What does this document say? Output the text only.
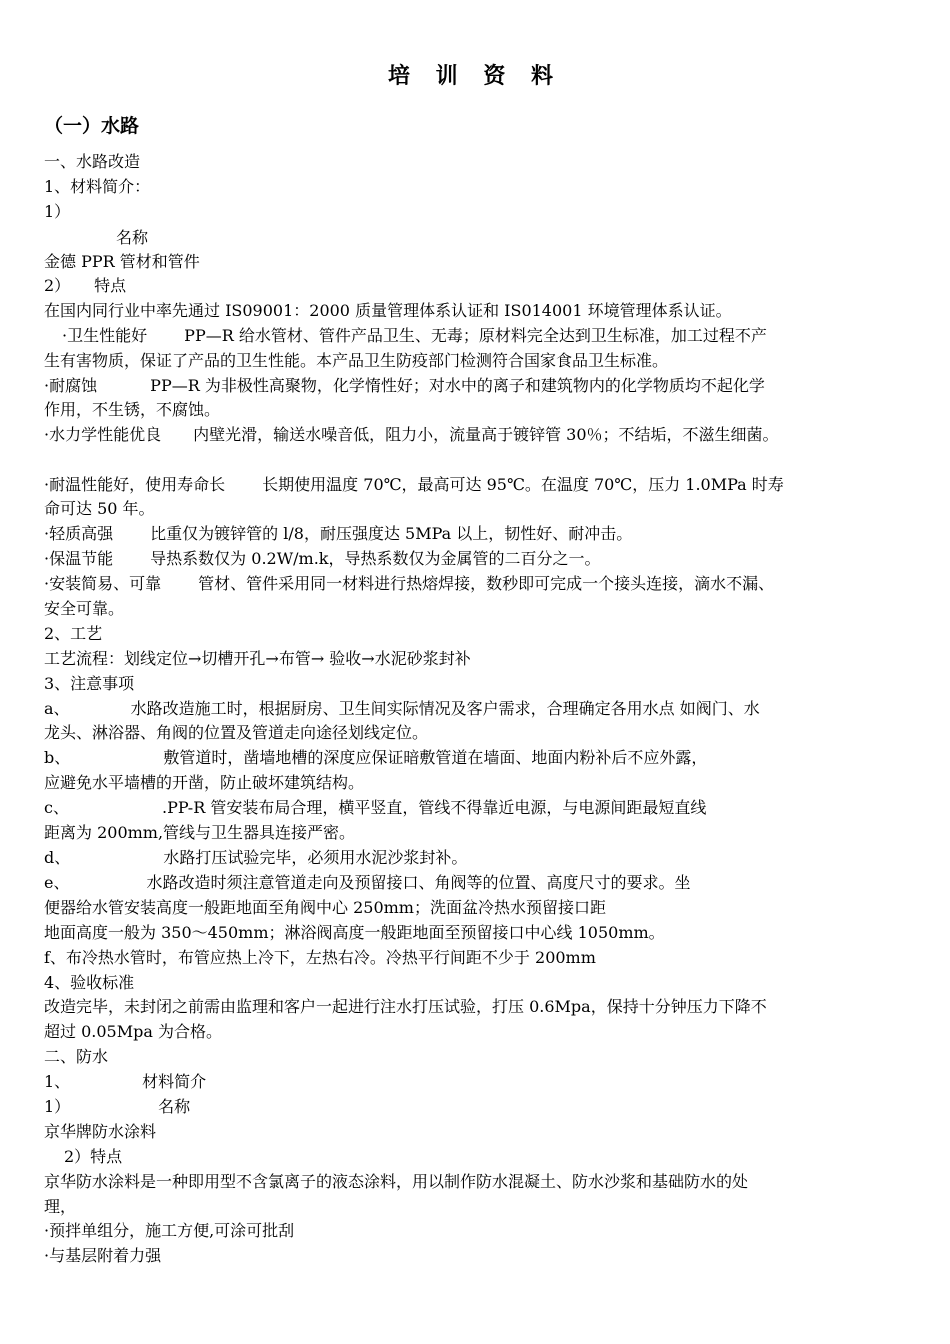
培 训 资 料
（一）水路
一、水路改造
1、材料简介：
1）
名称
金德 PPR 管材和管件
2）　　特点
在国内同行业中率先通过 IS09001：2000 质量管理体系认证和 IS014001 环境管理体系认证。
·卫生性能好　　 PP—R 给水管材、管件产品卫生、无毒；原材料完全达到卫生标准，加工过程不产
生有害物质，保证了产品的卫生性能。本产品卫生防疫部门检测符合国家食品卫生标准。
·耐腐蚀　　　 PP—R 为非极性高聚物，化学惰性好；对水中的离子和建筑物内的化学物质均不起化学
作用，不生锈，不腐蚀。
·水力学性能优良　　内壁光滑，输送水噪音低，阻力小，流量高于镀锌管 30％；不结垢，不滋生细菌。
·耐温性能好，使用寿命长　　 长期使用温度 70℃，最高可达 95℃。在温度 70℃，压力 1.0MPa 时寿
命可达 50 年。
·轻质高强　　 比重仅为镀锌管的 l/8，耐压强度达 5MPa 以上，韧性好、耐冲击。
·保温节能　　 导热系数仅为 0.2W/m.k，导热系数仅为金属管的二百分之一。
·安装简易、可靠　　 管材、管件采用同一材料进行热熔焊接，数秒即可完成一个接头连接，滴水不漏、
安全可靠。
2、工艺
工艺流程：划线定位→切槽开孔→布管→ 验收→水泥砂浆封补
3、注意事项
a、　　　　 水路改造施工时，根据厨房、卫生间实际情况及客户需求，合理确定各用水点 如阀门、水
龙头、淋浴器、角阀的位置及管道走向途径划线定位。
b、　　　　　　 敷管道时，凿墙地槽的深度应保证暗敷管道在墙面、地面内粉补后不应外露，
应避免水平墙槽的开凿，防止破坏建筑结构。
c、　　　　　　 .PP-R 管安装布局合理，横平竖直，管线不得靠近电源，与电源间距最短直线
距离为 200mm,管线与卫生器具连接严密。
d、　　　　　　 水路打压试验完毕，必须用水泥沙浆封补。
e、　　　　　 水路改造时须注意管道走向及预留接口、角阀等的位置、高度尺寸的要求。坐
便器给水管安装高度一般距地面至角阀中心 250mm；洗面盆冷热水预留接口距
地面高度一般为 350～450mm；淋浴阀高度一般距地面至预留接口中心线 1050mm。
f、布冷热水管时，布管应热上冷下，左热右冷。冷热平行间距不少于 200mm
4、验收标准
改造完毕，未封闭之前需由监理和客户一起进行注水打压试验，打压 0.6Mpa，保持十分钟压力下降不
超过 0.05Mpa 为合格。
二、防水
1、　　　　　材料简介
1）　　　　　　名称
京华牌防水涂料
2）特点
京华防水涂料是一种即用型不含氯离子的液态涂料，用以制作防水混凝土、防水沙浆和基础防水的处
理，
·预拌单组分，施工方便,可涂可批刮
·与基层附着力强
